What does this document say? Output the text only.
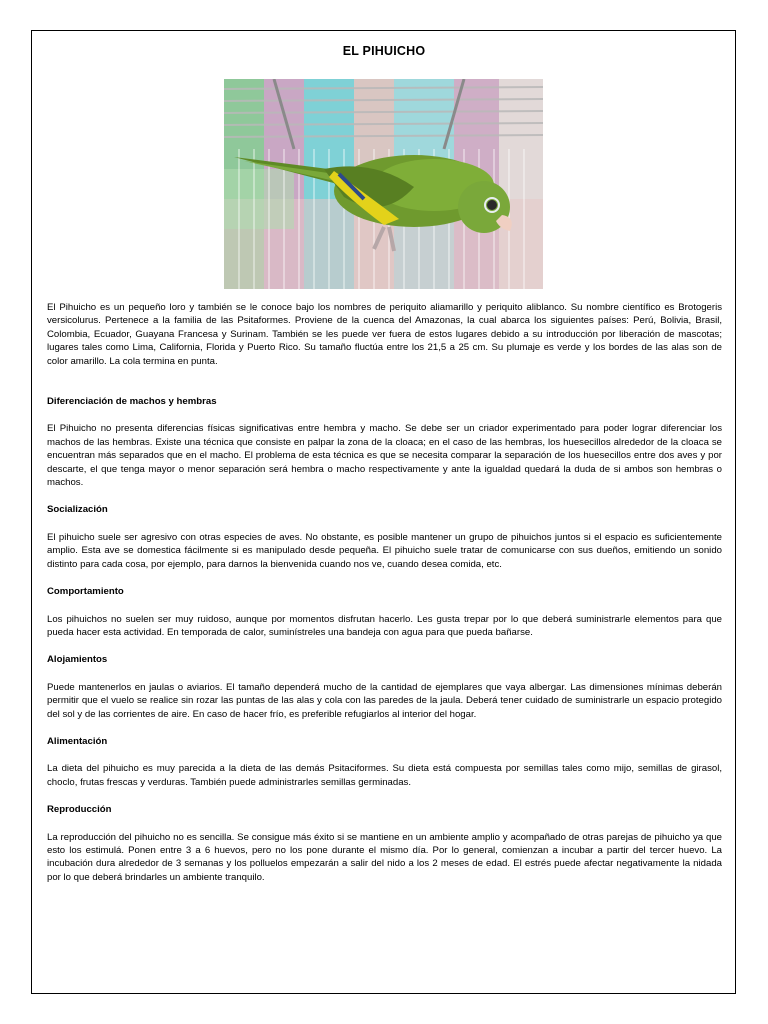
EL PIHUICHO

El Pihuicho es un pequeño loro y también se le conoce bajo los nombres de periquito aliamarillo y periquito aliblanco. Su nombre científico es Brotogeris versicolurus. Pertenece a la familia de las Psitaformes. Proviene de la cuenca del Amazonas, la cual abarca los siguientes países: Perú, Bolivia, Brasil, Colombia, Ecuador, Guayana Francesa y Surinam. También se les puede ver fuera de estos lugares debido a su introducción por liberación de mascotas; lugares tales como Lima, California, Florida y Puerto Rico. Su tamaño fluctúa entre los 21,5 a 25 cm. Su plumaje es verde y los bordes de las alas son de color amarillo. La cola termina en punta.

Diferenciación de machos y hembras

El Pihuicho no presenta diferencias físicas significativas entre hembra y macho. Se debe ser un criador experimentado para poder lograr diferenciar los machos de las hembras. Existe una técnica que consiste en palpar la zona de la cloaca; en el caso de las hembras, los huesecillos alrededor de la cloaca se encuentran más separados que en el macho. El problema de esta técnica es que se necesita comparar la separación de los huesecillos entre dos aves y por descarte, el que tenga mayor o menor separación será hembra o macho respectivamente y ante la igualdad quedará la duda de si ambos son hembras o machos.

Socialización

El pihuicho suele ser agresivo con otras especies de aves. No obstante, es posible mantener un grupo de pihuichos juntos si el espacio es suficientemente amplio. Esta ave se domestica fácilmente si es manipulado desde pequeña. El pihuicho suele tratar de comunicarse con sus dueños, emitiendo un sonido distinto para cada cosa, por ejemplo, para darnos la bienvenida cuando nos ve, cuando desea comida, etc.

Comportamiento

Los pihuichos no suelen ser muy ruidoso, aunque por momentos disfrutan hacerlo. Les gusta trepar por lo que deberá suministrarle elementos para que pueda hacer esta actividad. En temporada de calor, suminístreles una bandeja con agua para que pueda bañarse.

Alojamientos

Puede mantenerlos en jaulas o aviarios. El tamaño dependerá mucho de la cantidad de ejemplares que vaya albergar. Las dimensiones mínimas deberán permitir que el vuelo se realice sin rozar las puntas de las alas y cola con las paredes de la jaula. Deberá tener cuidado de suministrarle un espacio protegido del sol y de las corrientes de aire. En caso de hacer frío, es preferible refugiarlos al interior del hogar.

Alimentación

La dieta del pihuicho es muy parecida a la dieta de las demás Psitaciformes. Su dieta está compuesta por semillas tales como mijo, semillas de girasol, choclo, frutas frescas y verduras. También puede administrarles semillas germinadas.

Reproducción

La reproducción del pihuicho no es sencilla. Se consigue más éxito si se mantiene en un ambiente amplio y acompañado de otras parejas de pihuicho ya que esto los estimulá. Ponen entre 3 a 6 huevos, pero no los pone durante el mismo día. Por lo general, comienzan a incubar a partir del tercer huevo. La incubación dura alrededor de 3 semanas y los polluelos empezarán a salir del nido a los 2 meses de edad. El estrés puede afectar negativamente la nidada por lo que deberá brindarles un ambiente tranquilo.
